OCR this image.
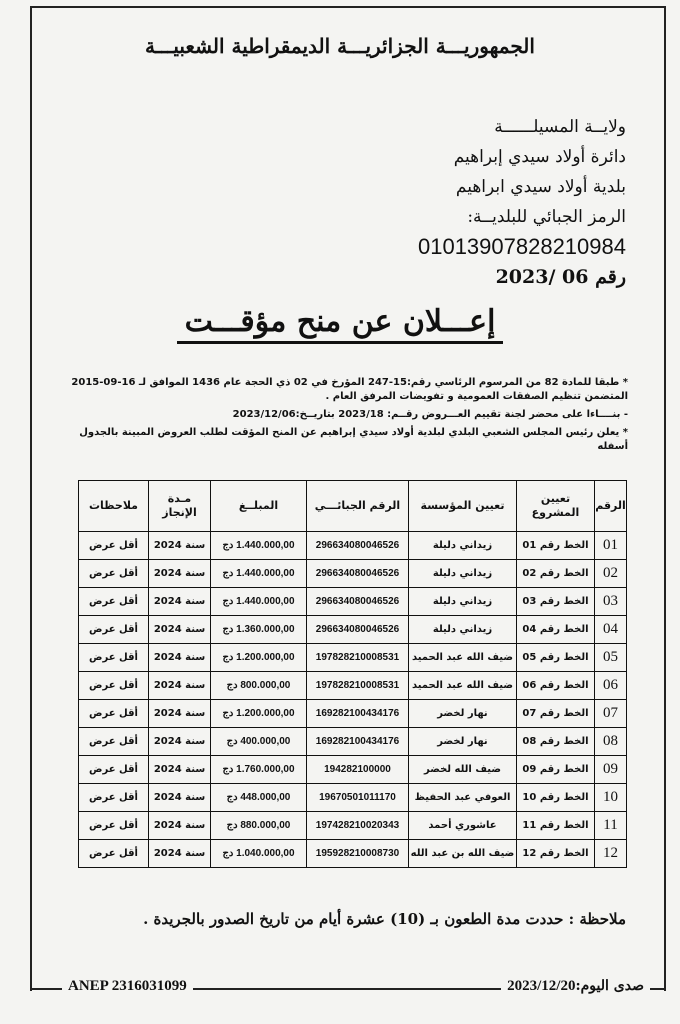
الجمهوريـــة الجزائريـــة الديمقراطية الشعبيـــة
ولايــة المسيلــــــة
دائرة أولاد سيدي إبراهيم
بلدية أولاد سيدي ابراهيم
الرمز الجبائي للبلديــة:
01013907828210984
رقم 2023/ 06
إعـــلان عن منح مؤقـــت

* طبقا للمادة 82 من المرسوم الرئاسي رقم:15-247 المؤرخ في 02 ذي الحجة عام 1436 الموافق لـ 16-09-2015 المتضمن تنظيم الصفقات العمومية و تفويضات المرفق العام .

- بنــــاءا على محضر لجنة تقييم العـــروض رقــم: 2023/18 بتاريــخ:2023/12/06

* يعلن رئيس المجلس الشعبي البلدي لبلدية أولاد سيدي إبراهيم عن المنح المؤقت لطلب العروض المبينة بالجدول أسفله

الرقم	تعيين المشروع	تعيين المؤسسة	الرقم الجبائـــي	المبلــغ	مـدة الإنجاز	ملاحظات
01	الخط رقم 01	زيداني دليلة	296634080046526	1.440.000,00 دج	سنة 2024	أقل عرض
02	الخط رقم 02	زيداني دليلة	296634080046526	1.440.000,00 دج	سنة 2024	أقل عرض
03	الخط رقم 03	زيداني دليلة	296634080046526	1.440.000,00 دج	سنة 2024	أقل عرض
04	الخط رقم 04	زيداني دليلة	296634080046526	1.360.000,00 دج	سنة 2024	أقل عرض
05	الخط رقم 05	ضيف الله عبد الحميد	197828210008531	1.200.000,00 دج	سنة 2024	أقل عرض
06	الخط رقم 06	ضيف الله عبد الحميد	197828210008531	800.000,00 دج	سنة 2024	أقل عرض
07	الخط رقم 07	نهار لخضر	169282100434176	1.200.000,00 دج	سنة 2024	أقل عرض
08	الخط رقم 08	نهار لخضر	169282100434176	400.000,00 دج	سنة 2024	أقل عرض
09	الخط رقم 09	ضيف الله لخضر	194282100000	1.760.000,00 دج	سنة 2024	أقل عرض
10	الخط رقم 10	العوفي عبد الحفيظ	19670501011170	448.000,00 دج	سنة 2024	أقل عرض
11	الخط رقم 11	عاشوري أحمد	197428210020343	880.000,00 دج	سنة 2024	أقل عرض
12	الخط رقم 12	ضيف الله بن عبد الله	195928210008730	1.040.000,00 دج	سنة 2024	أقل عرض
ملاحظة : حددت مدة الطعون بـ (10) عشرة أيام من تاريخ الصدور بالجريدة .
ANEP 2316031099	صدى اليوم:2023/12/20
